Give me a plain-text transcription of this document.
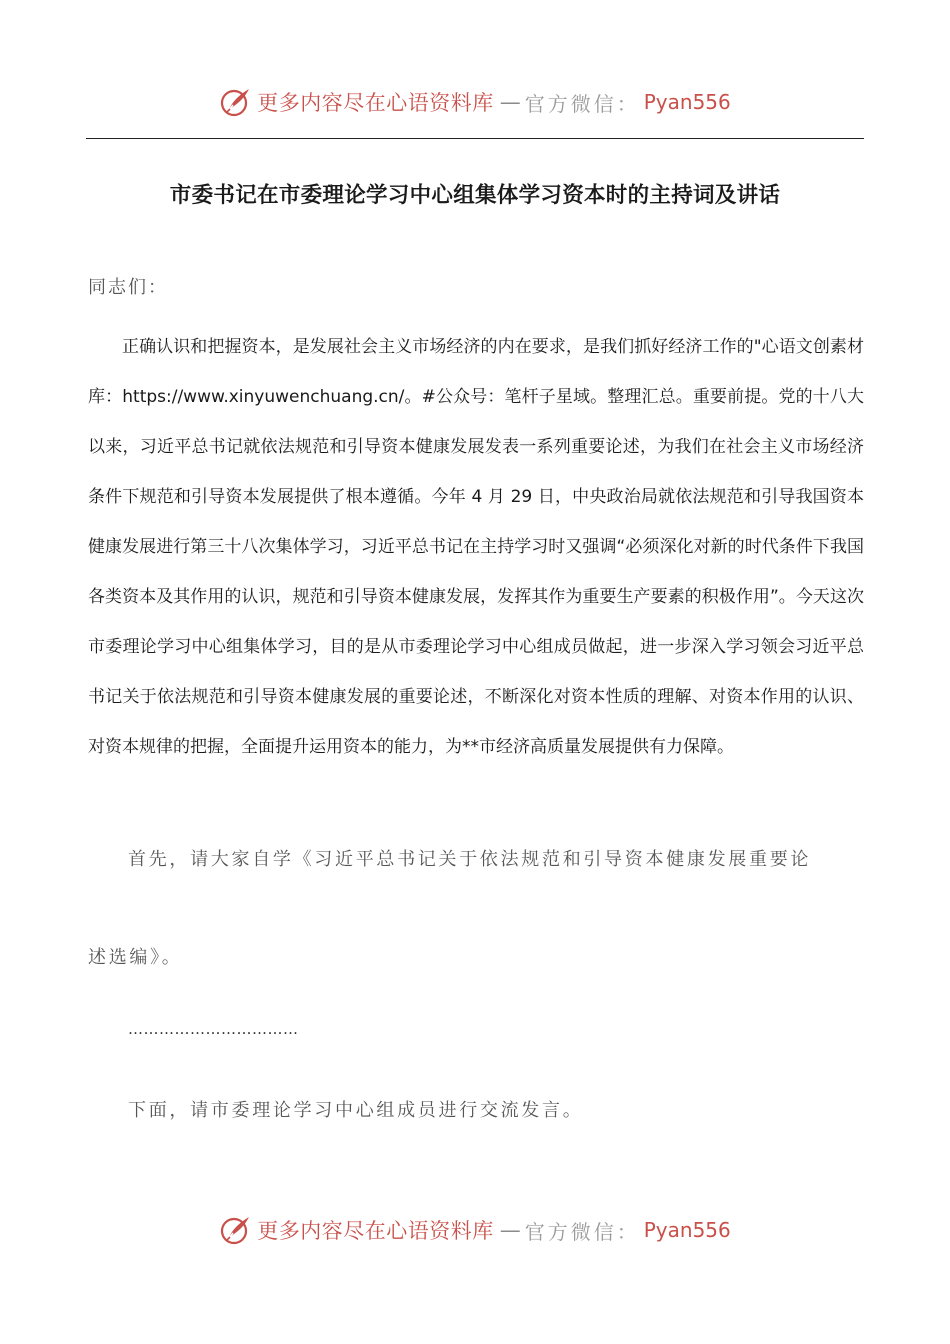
更多内容尽在心语资料库 — 官方微信： Pyan556
市委书记在市委理论学习中心组集体学习资本时的主持词及讲话
同志们：
正确认识和把握资本，是发展社会主义市场经济的内在要求，是我们抓好经济工作的"心语文创素材库：https://www.xinyuwenchuang.cn/。#公众号：笔杆子星域。整理汇总。重要前提。党的十八大以来，习近平总书记就依法规范和引导资本健康发展发表一系列重要论述，为我们在社会主义市场经济条件下规范和引导资本发展提供了根本遵循。今年 4 月 29 日，中央政治局就依法规范和引导我国资本健康发展进行第三十八次集体学习，习近平总书记在主持学习时又强调“必须深化对新的时代条件下我国各类资本及其作用的认识，规范和引导资本健康发展，发挥其作为重要生产要素的积极作用”。今天这次市委理论学习中心组集体学习，目的是从市委理论学习中心组成员做起，进一步深入学习领会习近平总书记关于依法规范和引导资本健康发展的重要论述，不断深化对资本性质的理解、对资本作用的认识、对资本规律的把握，全面提升运用资本的能力，为**市经济高质量发展提供有力保障。
首先，请大家自学《习近平总书记关于依法规范和引导资本健康发展重要论
述选编》。
……………………………
下面，请市委理论学习中心组成员进行交流发言。
更多内容尽在心语资料库 — 官方微信： Pyan556
